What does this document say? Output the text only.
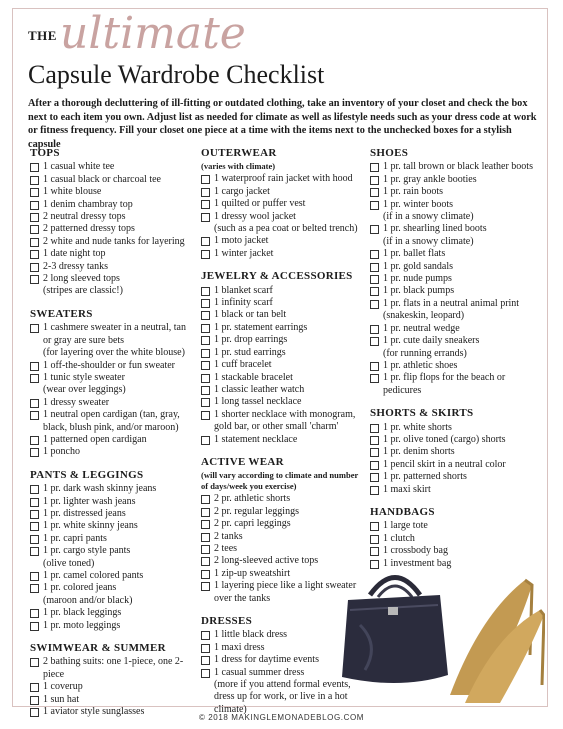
THE ultimate
Capsule Wardrobe Checklist
After a thorough decluttering of ill-fitting or outdated clothing, take an inventory of your closet and check the box next to each item you own. Adjust list as needed for climate as well as lifestyle needs such as your dress code at work or fitness frequency. Fill your closet one piece at a time with the items next to the unchecked boxes for a stylish capsule
TOPS
1 casual white tee
1 casual black or charcoal tee
1 white blouse
1 denim chambray top
2 neutral dressy tops
2 patterned dressy tops
2 white and nude tanks for layering
1 date night top
2-3 dressy tanks
2 long sleeved tops
(stripes are classic!)
SWEATERS
1 cashmere sweater in a neutral, tan or gray are sure bets
(for layering over the white blouse)
1 off-the-shoulder or fun sweater
1 tunic style sweater
(wear over leggings)
1 dressy sweater
1 neutral open cardigan (tan, gray, black, blush pink, and/or maroon)
1 patterned open cardigan
1 poncho
PANTS & LEGGINGS
1 pr. dark wash skinny jeans
1 pr. lighter wash jeans
1 pr. distressed jeans
1 pr. white skinny jeans
1 pr. capri pants
1 pr. cargo style pants
(olive toned)
1 pr. camel colored pants
1 pr. colored jeans
(maroon and/or black)
1 pr. black leggings
1 pr. moto leggings
SWIMWEAR & SUMMER
2 bathing suits: one 1-piece, one 2-piece
1 coverup
1 sun hat
1 aviator style sunglasses
OUTERWEAR
(varies with climate)
1 waterproof rain jacket with hood
1 cargo jacket
1 quilted or puffer vest
1 dressy wool jacket
(such as a pea coat or belted trench)
1 moto jacket
1 winter jacket
JEWELRY & ACCESSORIES
1 blanket scarf
1 infinity scarf
1 black or tan belt
1 pr. statement earrings
1 pr. drop earrings
1 pr. stud earrings
1 cuff bracelet
1 stackable bracelet
1 classic leather watch
1 long tassel necklace
1 shorter necklace with monogram, gold bar, or other small 'charm'
1 statement necklace
ACTIVE WEAR
(will vary according to climate and number of days/week you exercise)
2 pr. athletic shorts
2 pr. regular leggings
2 pr. capri leggings
2 tanks
2 tees
2 long-sleeved active tops
1 zip-up sweatshirt
1 layering piece like a light sweater over the tanks
DRESSES
1 little black dress
1 maxi dress
1 dress for daytime events
1 casual summer dress
(more if you attend formal events, dress up for work, or live in a hot climate)
SHOES
1 pr. tall brown or black leather boots
1 pr. gray ankle booties
1 pr. rain boots
1 pr. winter boots
(if in a snowy climate)
1 pr. shearling lined boots
(if in a snowy climate)
1 pr. ballet flats
1 pr. gold sandals
1 pr. nude pumps
1 pr. black pumps
1 pr. flats in a neutral animal print (snakeskin, leopard)
1 pr. neutral wedge
1 pr. cute daily sneakers
(for running errands)
1 pr. athletic shoes
1 pr. flip flops for the beach or pedicures
SHORTS & SKIRTS
1 pr. white shorts
1 pr. olive toned (cargo) shorts
1 pr. denim shorts
1 pencil skirt in a neutral color
1 pr. patterned shorts
1 maxi skirt
HANDBAGS
1 large tote
1 clutch
1 crossbody bag
1 investment bag
© 2018 MAKINGLEMONADEBLOG.COM
